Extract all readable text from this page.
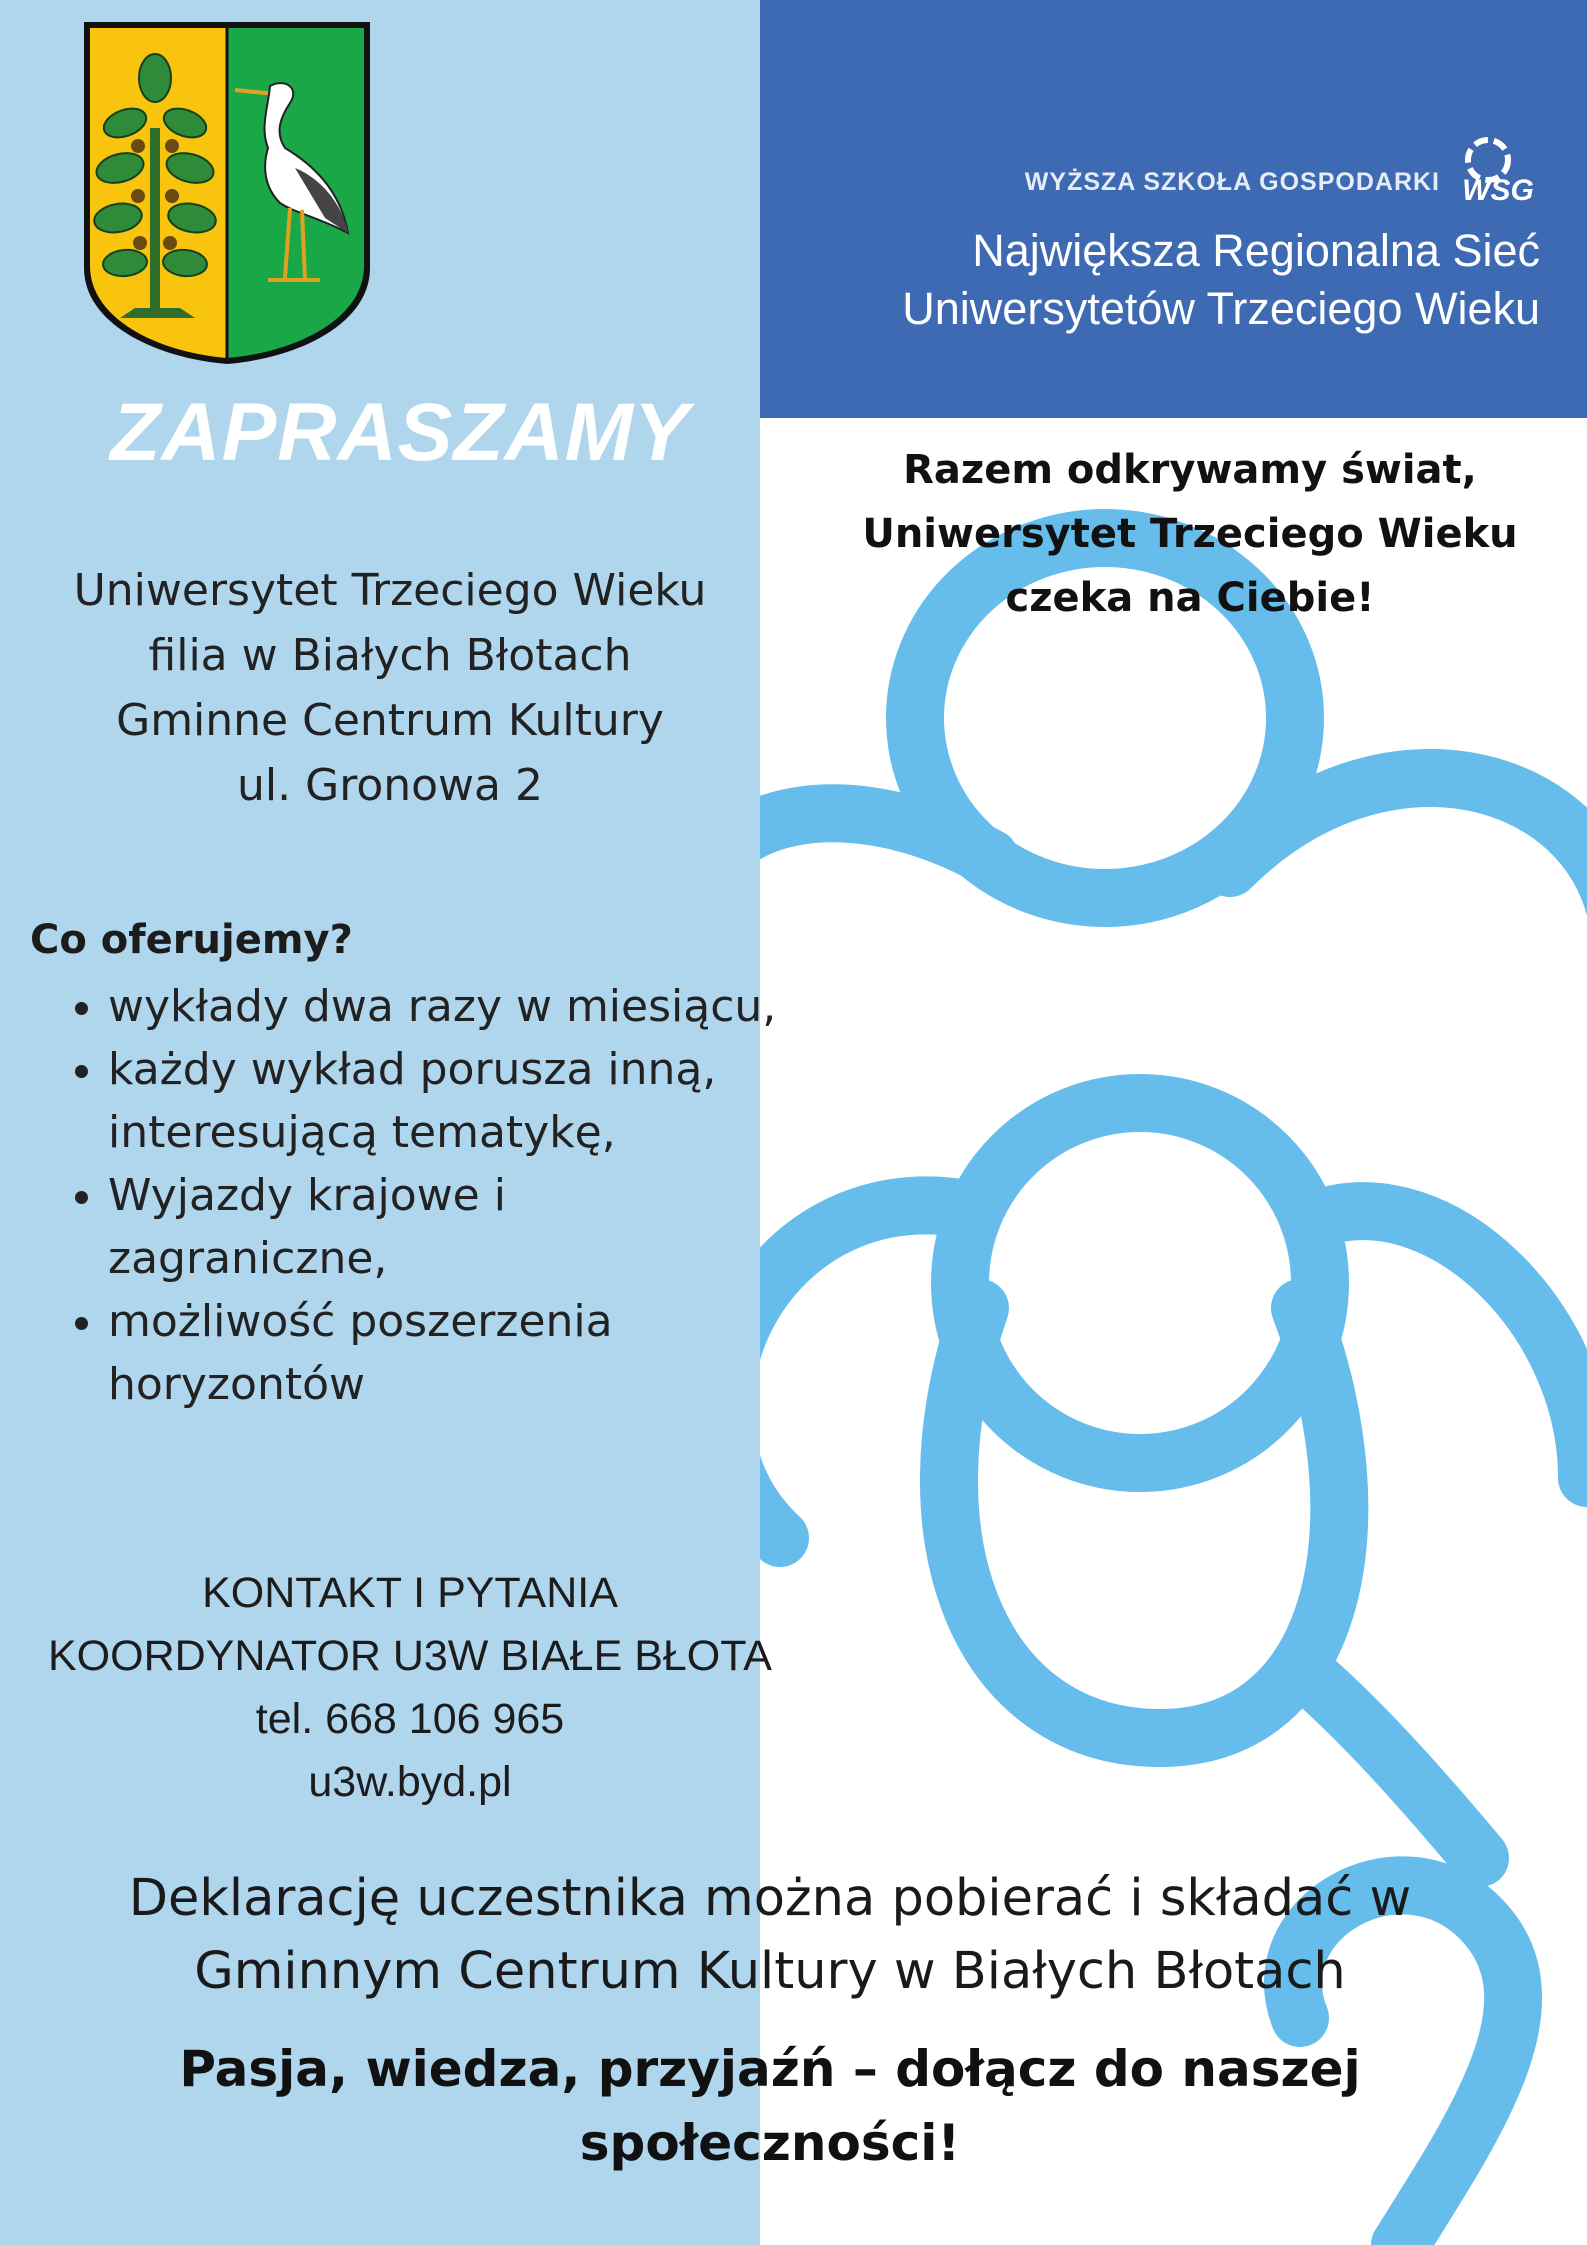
ZAPRASZAMY
Uniwersytet Trzeciego Wieku
filia w Białych Błotach
Gminne Centrum Kultury
ul. Gronowa 2
Co oferujemy?
• wykłady dwa razy w miesiącu,
• każdy wykład porusza inną, interesującą tematykę,
• Wyjazdy krajowe i zagraniczne,
• możliwość poszerzenia horyzontów
KONTAKT I PYTANIA
KOORDYNATOR U3W BIAŁE BŁOTA
tel. 668 106 965
u3w.byd.pl
WYŻSZA SZKOŁA GOSPODARKI WSG
Największa Regionalna Sieć
Uniwersytetów Trzeciego Wieku
Razem odkrywamy świat,
Uniwersytet Trzeciego Wieku
czeka na Ciebie!
Deklarację uczestnika można pobierać i składać w
Gminnym Centrum Kultury w Białych Błotach
Pasja, wiedza, przyjaźń – dołącz do naszej
społeczności!
